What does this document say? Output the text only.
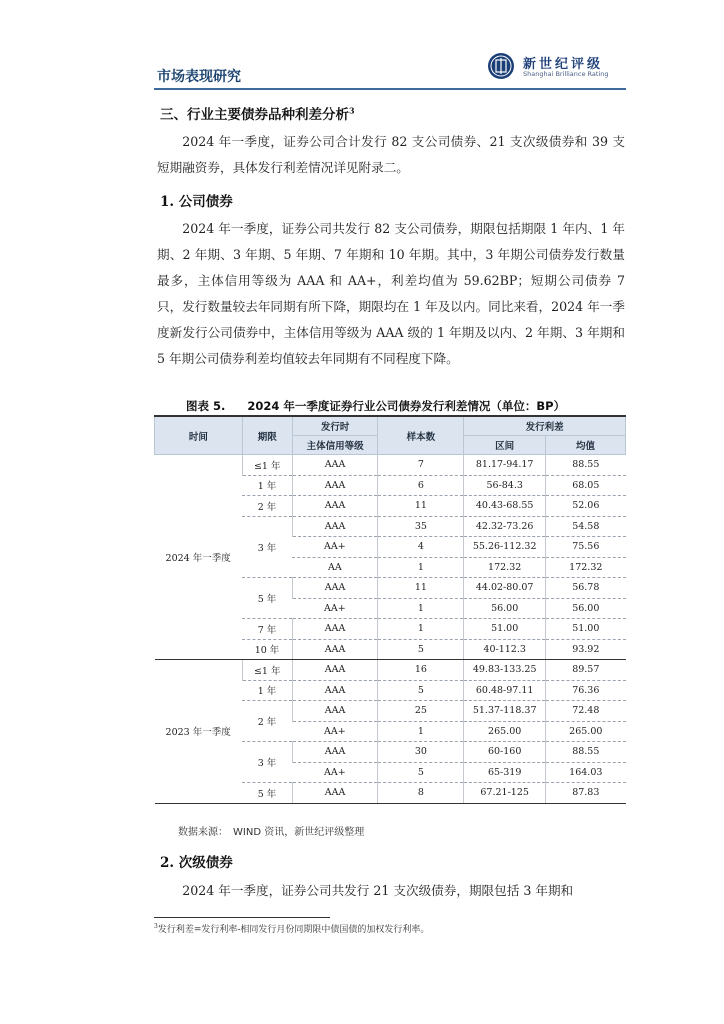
市场表现研究
新世纪评级
Shanghai Brilliance Rating
三、行业主要债券品种利差分析$^3$

2024 年一季度，证券公司合计发行 82 支公司债券、21 支次级债券和 39 支短期融资券，具体发行利差情况详见附录二。

1. 公司债券

2024 年一季度，证券公司共发行 82 支公司债券，期限包括期限 1 年内、1 年期、2 年期、3 年期、5 年期、7 年期和 10 年期。其中，3 年期公司债券发行数量最多，主体信用等级为 AAA 和 AA+，利差均值为 59.62BP；短期公司债券 7 只，发行数量较去年同期有所下降，期限均在 1 年及以内。同比来看，2024 年一季度新发行公司债券中，主体信用等级为 AAA 级的 1 年期及以内、2 年期、3 年期和 5 年期公司债券利差均值较去年同期有不同程度下降。

图表 5. 2024 年一季度证券行业公司债券发行利差情况（单位：BP）
时间	期限	发行时	样本数	发行利差	
		主体信用等级		区间	均值
2024 年一季度	≤1 年	AAA	7	81.17-94.17	88.55
	1 年	AAA	6	56-84.3	68.05
	2 年	AAA	11	40.43-68.55	52.06
	3 年	AAA	35	42.32-73.26	54.58
		AA+	4	55.26-112.32	75.56
		AA	1	172.32	172.32
	5 年	AAA	11	44.02-80.07	56.78
		AA+	1	56.00	56.00
	7 年	AAA	1	51.00	51.00
	10 年	AAA	5	40-112.3	93.92
2023 年一季度	≤1 年	AAA	16	49.83-133.25	89.57
	1 年	AAA	5	60.48-97.11	76.36
	2 年	AAA	25	51.37-118.37	72.48
		AA+	1	265.00	265.00
	3 年	AAA	30	60-160	88.55
		AA+	5	65-319	164.03
	5 年	AAA	8	67.21-125	87.83
数据来源：　WIND 资讯，新世纪评级整理
2. 次级债券

2024 年一季度，证券公司共发行 21 支次级债券，期限包括 3 年期和

$^3$发行利差=发行利率-相同发行月份同期限中债国债的加权发行利率。
